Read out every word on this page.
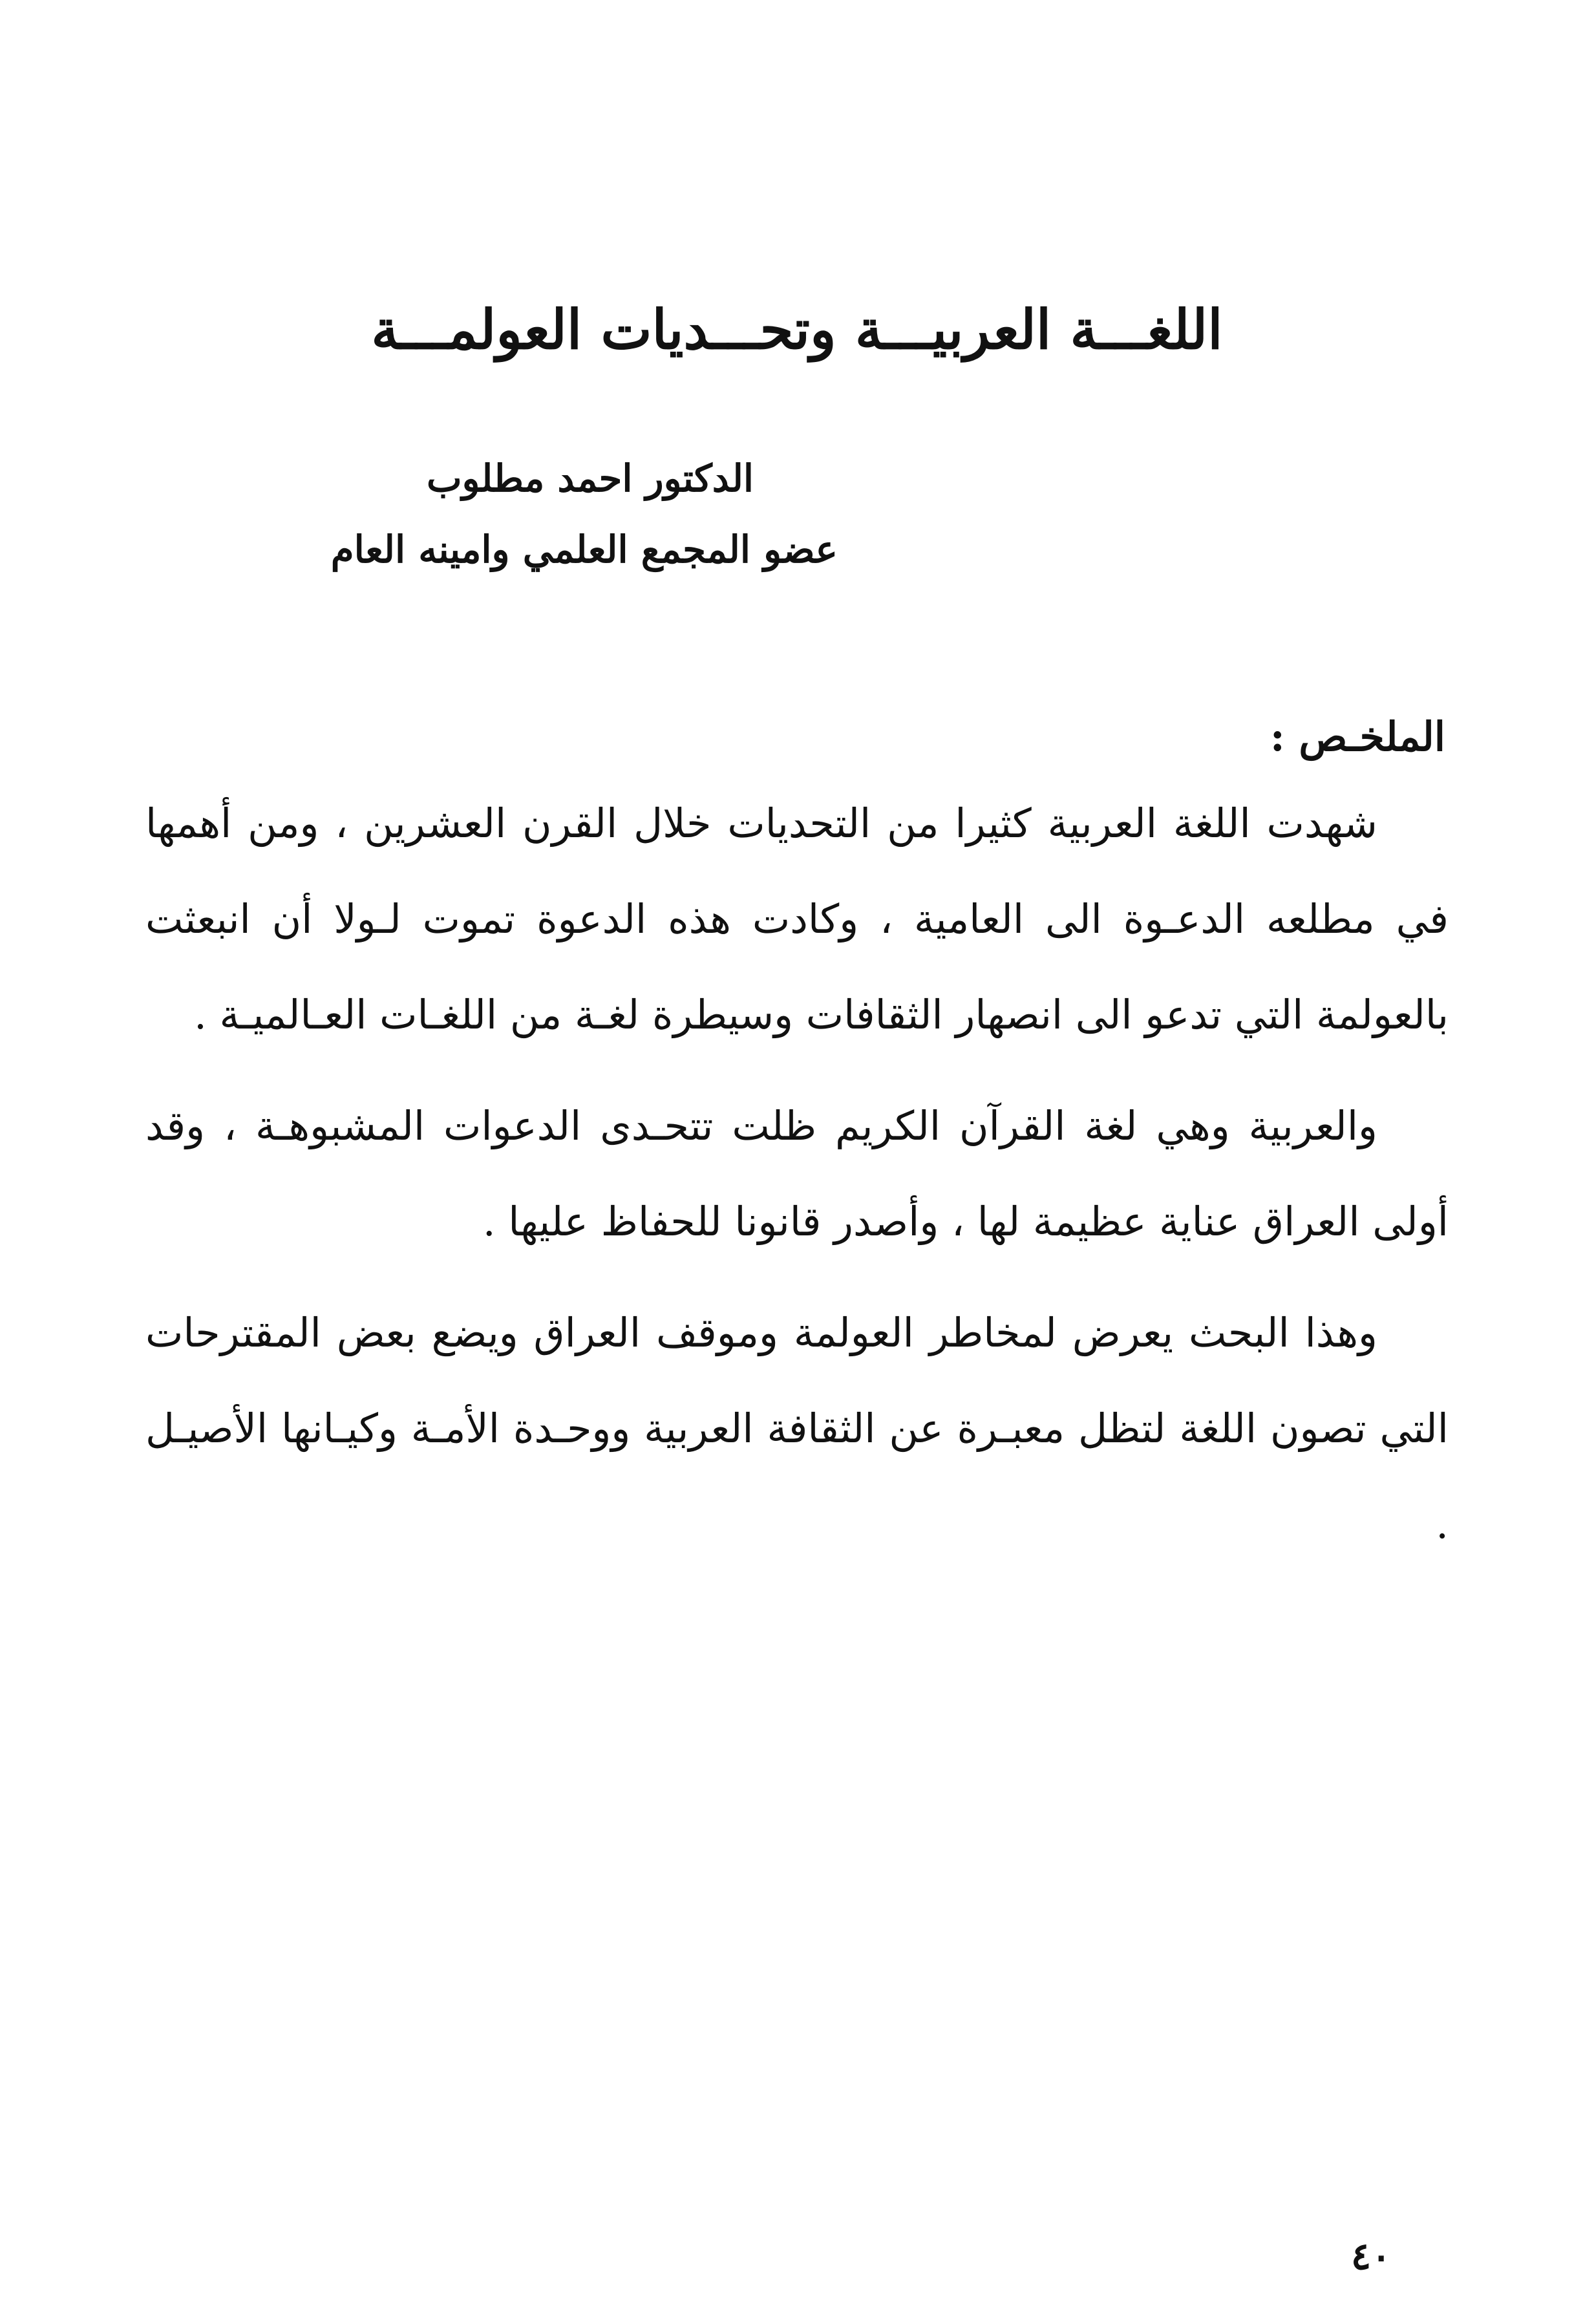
اللغـــة العربيـــة وتحـــديات العولمـــة
الدكتور احمد مطلوب
عضو المجمع العلمي وامينه العام
الملخـص :

شهدت اللغة العربية كثيرا من التحديات خلال القرن العشرين ، ومن أهمها في مطلعه الدعـوة الى العامية ، وكادت هذه الدعوة تموت لـولا أن انبعثت بالعولمة التي تدعو الى انصهار الثقافات وسيطرة لغـة من اللغـات العـالميـة .

والعربية وهي لغة القرآن الكريم ظلت تتحـدى الدعوات المشبوهـة ، وقد أولى العراق عناية عظيمة لها ، وأصدر قانونا للحفاظ عليها .

وهذا البحث يعرض لمخاطر العولمة وموقف العراق ويضع بعض المقترحات التي تصون اللغة لتظل معبـرة عن الثقافة العربية ووحـدة الأمـة وكيـانها الأصيـل .

٤٠
